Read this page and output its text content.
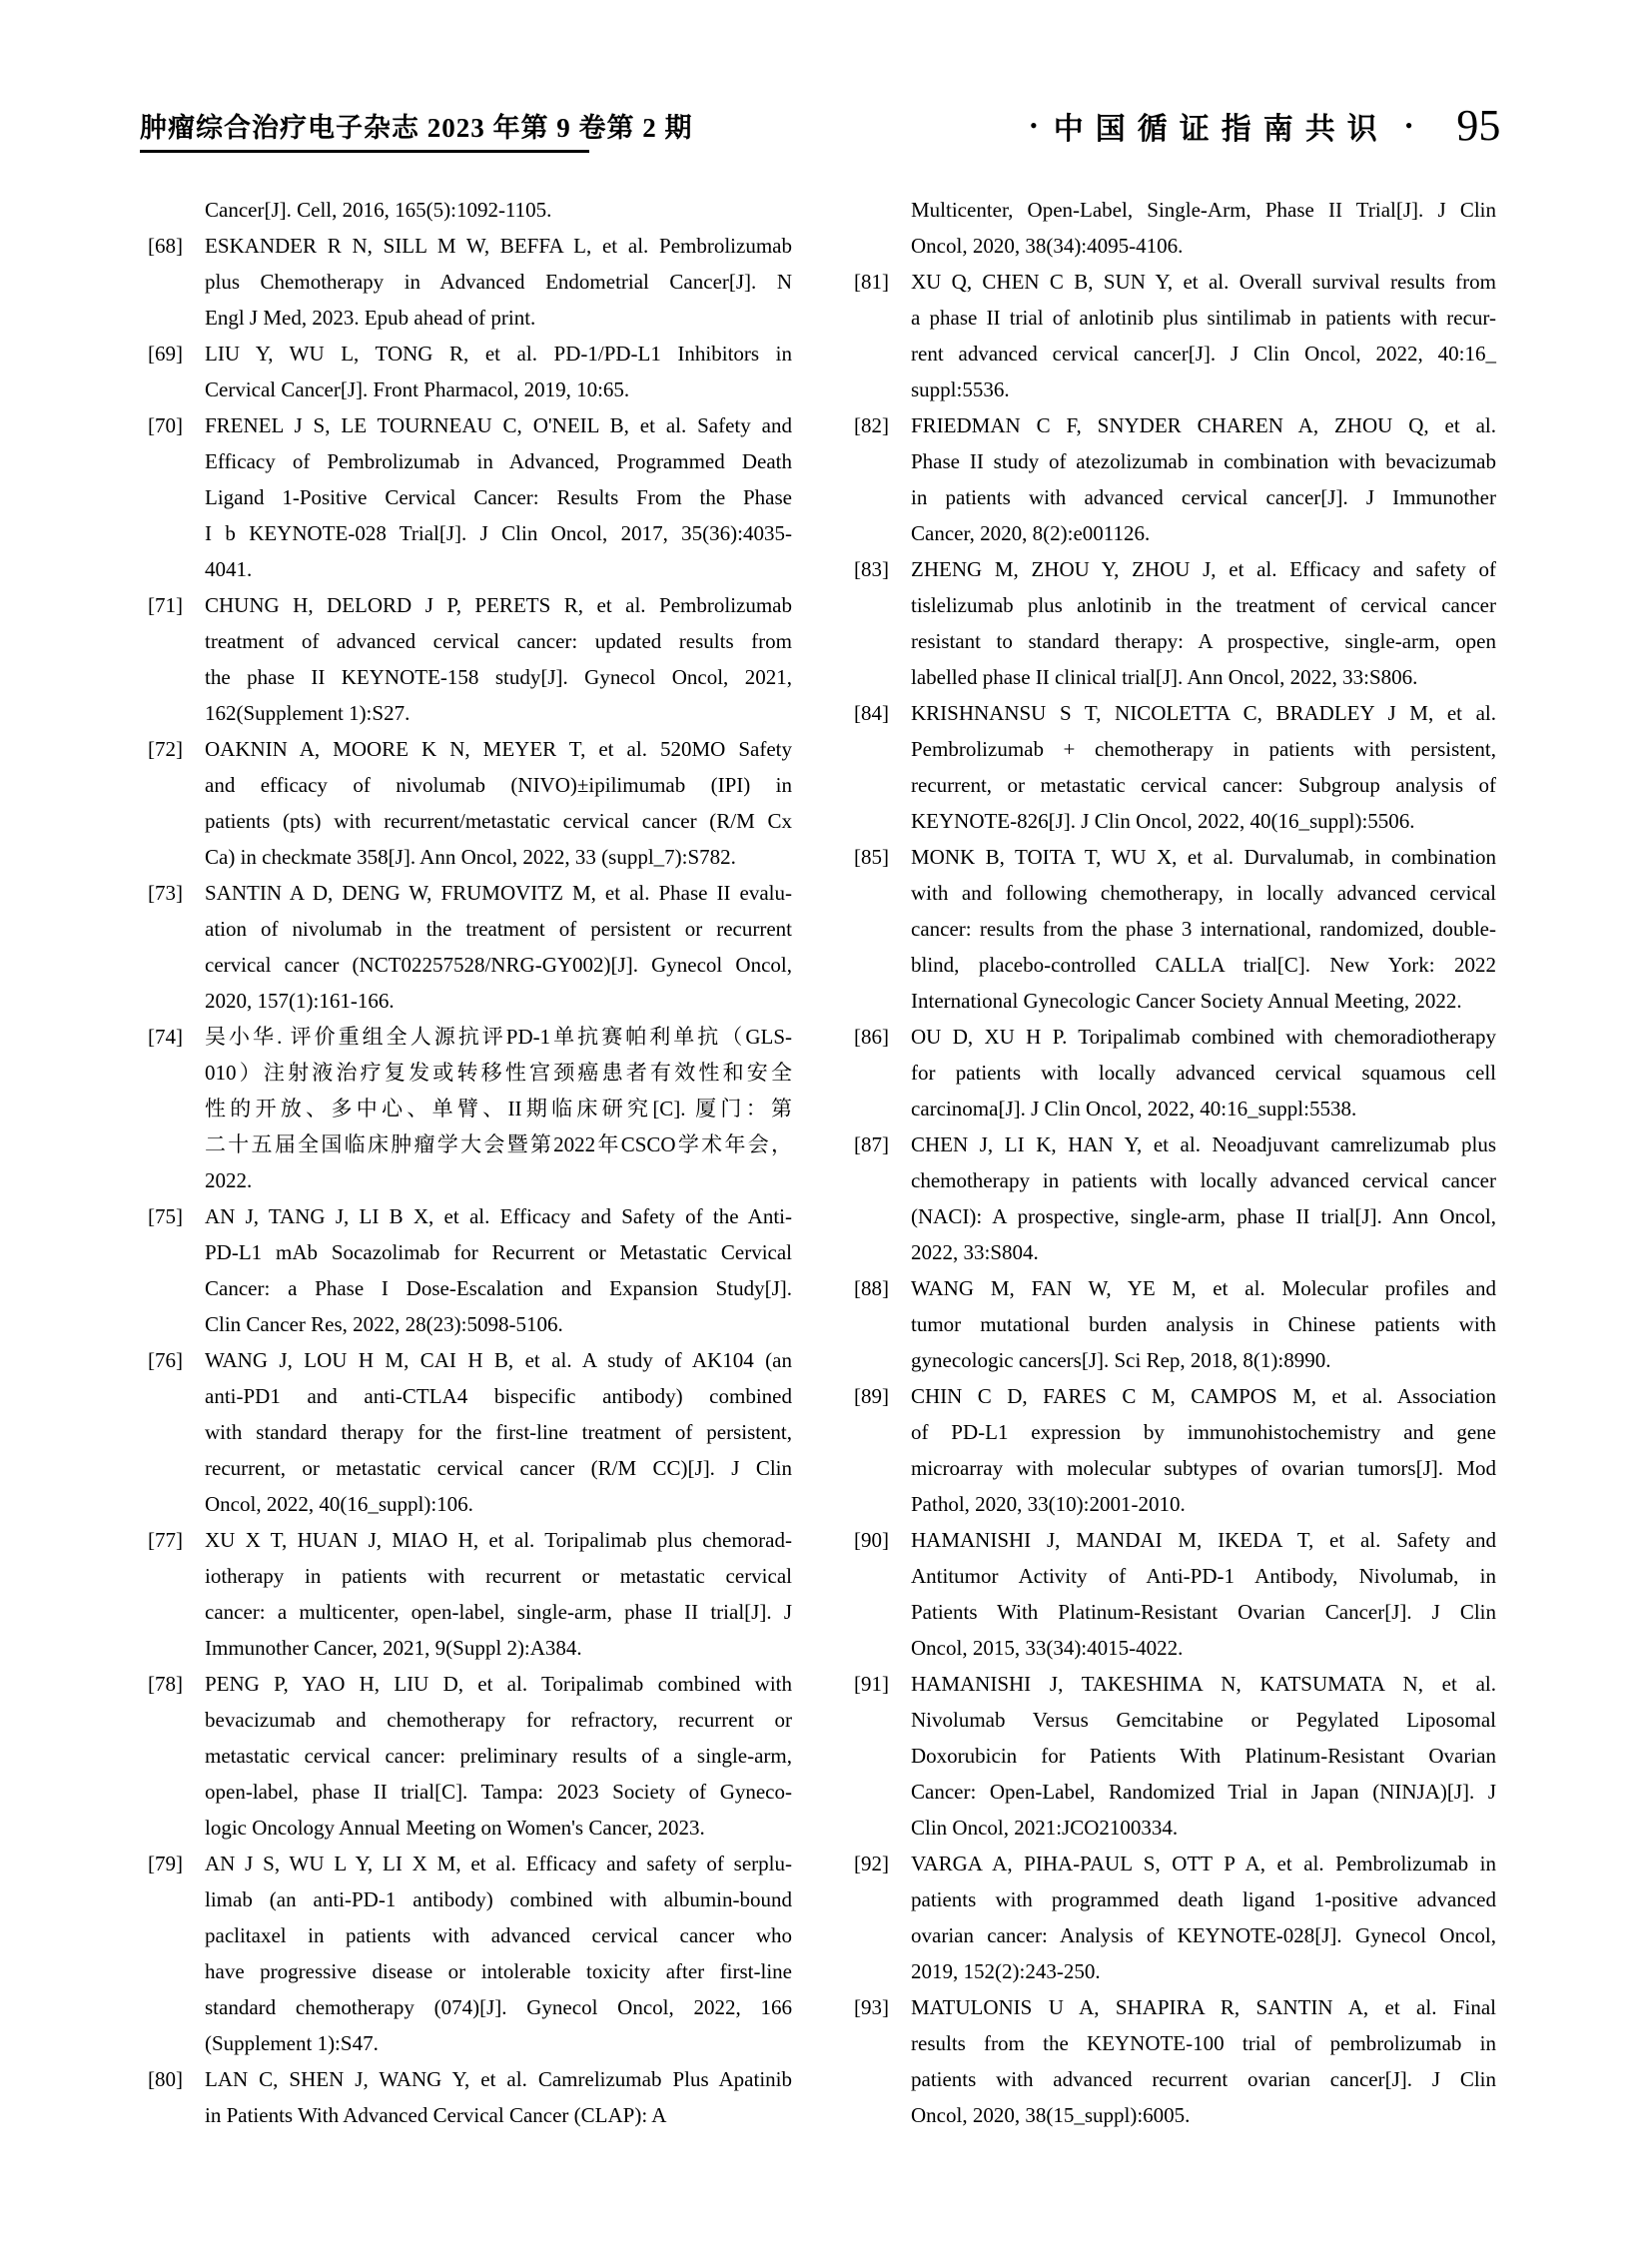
肿瘤综合治疗电子杂志 2023 年第 9 卷第 2 期	• 中国循证指南共识 • 95
Cancer[J]. Cell, 2016, 165(5):1092-1105.
[68] ESKANDER R N, SILL M W, BEFFA L, et al. Pembrolizumab
plus Chemotherapy in Advanced Endometrial Cancer[J]. N
Engl J Med, 2023. Epub ahead of print.
[69] LIU Y, WU L, TONG R, et al. PD-1/PD-L1 Inhibitors in
Cervical Cancer[J]. Front Pharmacol, 2019, 10:65.
[70] FRENEL J S, LE TOURNEAU C, O'NEIL B, et al. Safety and
Efficacy of Pembrolizumab in Advanced, Programmed Death
Ligand 1-Positive Cervical Cancer: Results From the Phase
I b KEYNOTE-028 Trial[J]. J Clin Oncol, 2017, 35(36):4035-
4041.
[71] CHUNG H, DELORD J P, PERETS R, et al. Pembrolizumab
treatment of advanced cervical cancer: updated results from
the phase II KEYNOTE-158 study[J]. Gynecol Oncol, 2021,
162(Supplement 1):S27.
[72] OAKNIN A, MOORE K N, MEYER T, et al. 520MO Safety
and efficacy of nivolumab (NIVO)±ipilimumab (IPI) in
patients (pts) with recurrent/metastatic cervical cancer (R/M Cx
Ca) in checkmate 358[J]. Ann Oncol, 2022, 33 (suppl_7):S782.
[73] SANTIN A D, DENG W, FRUMOVITZ M, et al. Phase II evalu-
ation of nivolumab in the treatment of persistent or recurrent
cervical cancer (NCT02257528/NRG-GY002)[J]. Gynecol Oncol,
2020, 157(1):161-166.
[74] 吴小华. 评价重组全人源抗评PD-1单抗赛帕利单抗（GLS-
010）注射液治疗复发或转移性宫颈癌患者有效性和安全
性的开放、多中心、单臂、II期临床研究[C]. 厦门：第
二十五届全国临床肿瘤学大会暨第2022年CSCO学术年会，
2022.
[75] AN J, TANG J, LI B X, et al. Efficacy and Safety of the Anti-
PD-L1 mAb Socazolimab for Recurrent or Metastatic Cervical
Cancer: a Phase I Dose-Escalation and Expansion Study[J].
Clin Cancer Res, 2022, 28(23):5098-5106.
[76] WANG J, LOU H M, CAI H B, et al. A study of AK104 (an
anti-PD1 and anti-CTLA4 bispecific antibody) combined
with standard therapy for the first-line treatment of persistent,
recurrent, or metastatic cervical cancer (R/M CC)[J]. J Clin
Oncol, 2022, 40(16_suppl):106.
[77] XU X T, HUAN J, MIAO H, et al. Toripalimab plus chemorad-
iotherapy in patients with recurrent or metastatic cervical
cancer: a multicenter, open-label, single-arm, phase II trial[J]. J
Immunother Cancer, 2021, 9(Suppl 2):A384.
[78] PENG P, YAO H, LIU D, et al. Toripalimab combined with
bevacizumab and chemotherapy for refractory, recurrent or
metastatic cervical cancer: preliminary results of a single-arm,
open-label, phase II trial[C]. Tampa: 2023 Society of Gyneco-
logic Oncology Annual Meeting on Women's Cancer, 2023.
[79] AN J S, WU L Y, LI X M, et al. Efficacy and safety of serplu-
limab (an anti-PD-1 antibody) combined with albumin-bound
paclitaxel in patients with advanced cervical cancer who
have progressive disease or intolerable toxicity after first-line
standard chemotherapy (074)[J]. Gynecol Oncol, 2022, 166
(Supplement 1):S47.
[80] LAN C, SHEN J, WANG Y, et al. Camrelizumab Plus Apatinib
in Patients With Advanced Cervical Cancer (CLAP): A
Multicenter, Open-Label, Single-Arm, Phase II Trial[J]. J Clin
Oncol, 2020, 38(34):4095-4106.
[81] XU Q, CHEN C B, SUN Y, et al. Overall survival results from
a phase II trial of anlotinib plus sintilimab in patients with recur-
rent advanced cervical cancer[J]. J Clin Oncol, 2022, 40:16_
suppl:5536.
[82] FRIEDMAN C F, SNYDER CHAREN A, ZHOU Q, et al.
Phase II study of atezolizumab in combination with bevacizumab
in patients with advanced cervical cancer[J]. J Immunother
Cancer, 2020, 8(2):e001126.
[83] ZHENG M, ZHOU Y, ZHOU J, et al. Efficacy and safety of
tislelizumab plus anlotinib in the treatment of cervical cancer
resistant to standard therapy: A prospective, single-arm, open
labelled phase II clinical trial[J]. Ann Oncol, 2022, 33:S806.
[84] KRISHNANSU S T, NICOLETTA C, BRADLEY J M, et al.
Pembrolizumab + chemotherapy in patients with persistent,
recurrent, or metastatic cervical cancer: Subgroup analysis of
KEYNOTE-826[J]. J Clin Oncol, 2022, 40(16_suppl):5506.
[85] MONK B, TOITA T, WU X, et al. Durvalumab, in combination
with and following chemotherapy, in locally advanced cervical
cancer: results from the phase 3 international, randomized, double-
blind, placebo-controlled CALLA trial[C]. New York: 2022
International Gynecologic Cancer Society Annual Meeting, 2022.
[86] OU D, XU H P. Toripalimab combined with chemoradiotherapy
for patients with locally advanced cervical squamous cell
carcinoma[J]. J Clin Oncol, 2022, 40:16_suppl:5538.
[87] CHEN J, LI K, HAN Y, et al. Neoadjuvant camrelizumab plus
chemotherapy in patients with locally advanced cervical cancer
(NACI): A prospective, single-arm, phase II trial[J]. Ann Oncol,
2022, 33:S804.
[88] WANG M, FAN W, YE M, et al. Molecular profiles and
tumor mutational burden analysis in Chinese patients with
gynecologic cancers[J]. Sci Rep, 2018, 8(1):8990.
[89] CHIN C D, FARES C M, CAMPOS M, et al. Association
of PD-L1 expression by immunohistochemistry and gene
microarray with molecular subtypes of ovarian tumors[J]. Mod
Pathol, 2020, 33(10):2001-2010.
[90] HAMANISHI J, MANDAI M, IKEDA T, et al. Safety and
Antitumor Activity of Anti-PD-1 Antibody, Nivolumab, in
Patients With Platinum-Resistant Ovarian Cancer[J]. J Clin
Oncol, 2015, 33(34):4015-4022.
[91] HAMANISHI J, TAKESHIMA N, KATSUMATA N, et al.
Nivolumab Versus Gemcitabine or Pegylated Liposomal
Doxorubicin for Patients With Platinum-Resistant Ovarian
Cancer: Open-Label, Randomized Trial in Japan (NINJA)[J]. J
Clin Oncol, 2021:JCO2100334.
[92] VARGA A, PIHA-PAUL S, OTT P A, et al. Pembrolizumab in
patients with programmed death ligand 1-positive advanced
ovarian cancer: Analysis of KEYNOTE-028[J]. Gynecol Oncol,
2019, 152(2):243-250.
[93] MATULONIS U A, SHAPIRA R, SANTIN A, et al. Final
results from the KEYNOTE-100 trial of pembrolizumab in
patients with advanced recurrent ovarian cancer[J]. J Clin
Oncol, 2020, 38(15_suppl):6005.
